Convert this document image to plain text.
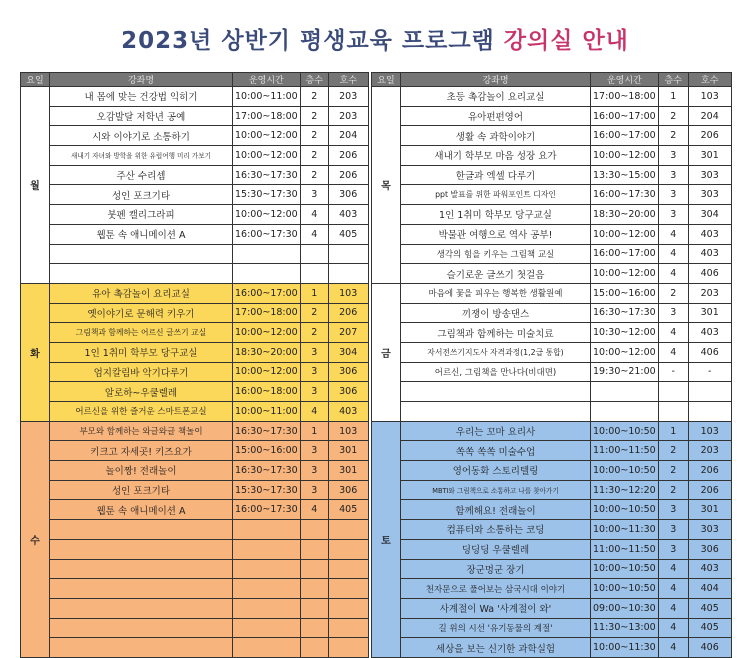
2023년 상반기 평생교육 프로그램 강의실 안내
요일	강좌명	운영시간	층수	호수
월	내 몸에 맞는 건강법 익히기	10:00~11:00	2	203
	오감발달 저학년 공예	17:00~18:00	2	203
	시와 이야기로 소통하기	10:00~12:00	2	204
	새내기 자녀와 방학을 위한 유럽여행 미리 가보기	10:00~12:00	2	206
	주산 수리셈	16:30~17:30	2	206
	성인 포크기타	15:30~17:30	3	306
	붓펜 캘리그라피	10:00~12:00	4	403
	웹툰 속 애니메이션 A	16:00~17:30	4	405

화	유아 촉감놀이 요리교실	16:00~17:00	1	103
	옛이야기로 문해력 키우기	17:00~18:00	2	206
	그림책과 함께하는 어르신 글쓰기 교실	10:00~12:00	2	207
	1인 1취미 학부모 당구교실	18:30~20:00	3	304
	엄지칼림바 악기다루기	10:00~12:00	3	306
	알로하~우쿨렐레	16:00~18:00	3	306
	어르신을 위한 즐거운 스마트폰교실	10:00~11:00	4	403
수	부모와 함께하는 와글와글 책놀이	16:30~17:30	1	103
	키크고 자세곳! 키즈요가	15:00~16:00	3	301
	놀이짱! 전래놀이	16:30~17:30	3	301
	성인 포크기타	15:30~17:30	3	306
	웹툰 속 애니메이션 A	16:00~17:30	4	405

요일	강좌명	운영시간	층수	호수
목	초등 촉감놀이 요리교실	17:00~18:00	1	103
	유아펀펀영어	16:00~17:00	2	204
	생활 속 과학이야기	16:00~17:00	2	206
	새내기 학부모 마음 성장 요가	10:00~12:00	3	301
	한글과 엑셀 다루기	13:30~15:00	3	303
	ppt 발표를 위한 파워포인트 디자인	16:00~17:30	3	303
	1인 1취미 학부모 당구교실	18:30~20:00	3	304
	박물관 여행으로 역사 공부!	10:00~12:00	4	403
	생각의 힘을 키우는 그림책 교실	16:00~17:00	4	403
	슬기로운 글쓰기 첫걸음	10:00~12:00	4	406
금	마음에 꽃을 피우는 행복한 생활원예	15:00~16:00	2	203
	끼쟁이 방송댄스	16:30~17:30	3	301
	그림책과 함께하는 미술치료	10:30~12:00	4	403
	자서전쓰기지도사 자격과정(1,2급 통합)	10:00~12:00	4	406
	어르신, 그림책을 만나다(비대면)	19:30~21:00	-	-

토	우리는 꼬마 요리사	10:00~10:50	1	103
	쏙쏙 쏙쏙 미술수업	11:00~11:50	2	203
	영어동화 스토리텔링	10:00~10:50	2	206
	MBTI와 그림책으로 소통하고 나를 찾아가기	11:30~12:20	2	206
	함께해요! 전래놀이	10:00~10:50	3	301
	컴퓨터와 소통하는 코딩	10:00~11:30	3	303
	딩딩딩 우쿨렐레	11:00~11:50	3	306
	장군멍군 장기	10:00~10:50	4	403
	천자문으로 풀어보는 삼국시대 이야기	10:00~10:50	4	404
	사계절이 Wa '사계절이 와'	09:00~10:30	4	405
	길 위의 시선 '유기동물의 계절'	11:30~13:00	4	405
	세상을 보는 신기한 과학실험	10:00~11:30	4	406
